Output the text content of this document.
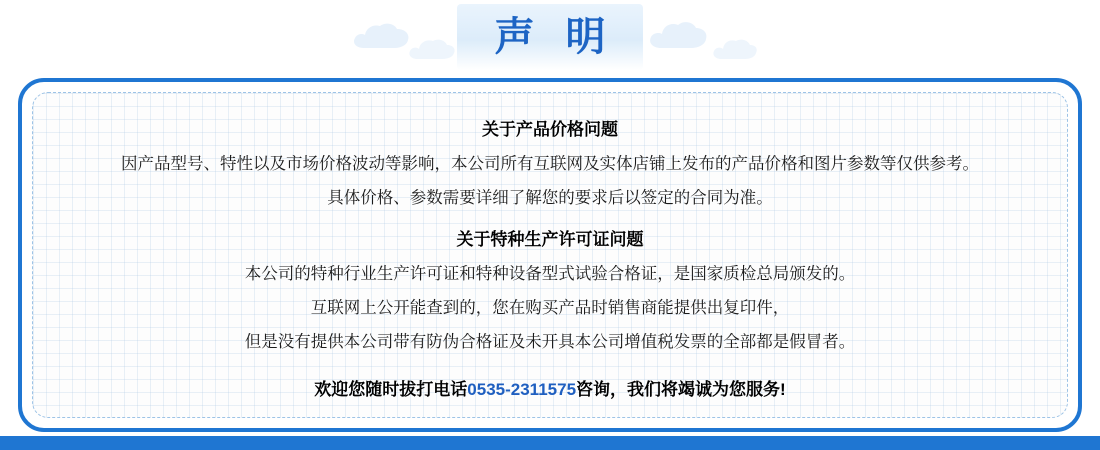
声 明

关于产品价格问题

因产品型号、特性以及市场价格波动等影响，本公司所有互联网及实体店铺上发布的产品价格和图片参数等仅供参考。

具体价格、参数需要详细了解您的要求后以签定的合同为准。

关于特种生产许可证问题

本公司的特种行业生产许可证和特种设备型式试验合格证，是国家质检总局颁发的。

互联网上公开能查到的，您在购买产品时销售商能提供出复印件，

但是没有提供本公司带有防伪合格证及未开具本公司增值税发票的全部都是假冒者。

欢迎您随时拔打电话0535-2311575咨询，我们将竭诚为您服务!
